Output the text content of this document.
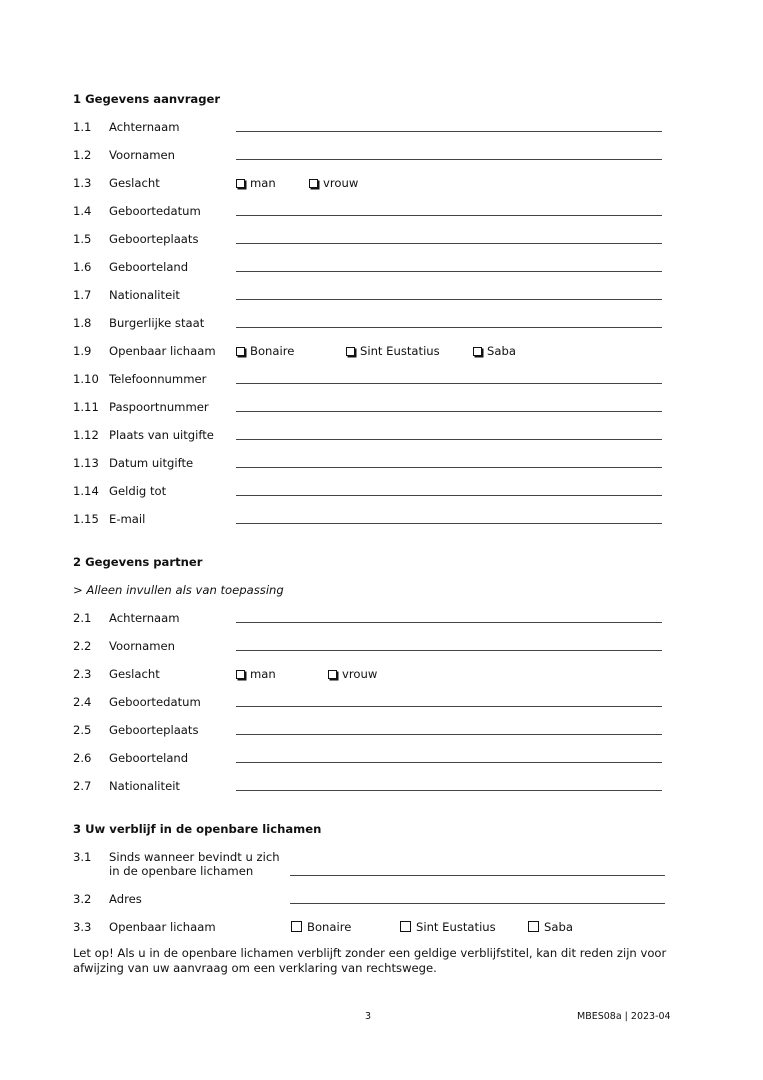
1 Gegevens aanvrager
1.1 Achternaam
1.2 Voornamen
1.3 Geslacht	man	vrouw
1.4 Geboortedatum
1.5 Geboorteplaats
1.6 Geboorteland
1.7 Nationaliteit
1.8 Burgerlijke staat
1.9 Openbaar lichaam	Bonaire	Sint Eustatius	Saba
1.10 Telefoonnummer
1.11 Paspoortnummer
1.12 Plaats van uitgifte
1.13 Datum uitgifte
1.14 Geldig tot
1.15 E-mail
2 Gegevens partner
> Alleen invullen als van toepassing
2.1 Achternaam
2.2 Voornamen
2.3 Geslacht	man	vrouw
2.4 Geboortedatum
2.5 Geboorteplaats
2.6 Geboorteland
2.7 Nationaliteit
3 Uw verblijf in de openbare lichamen
3.1 Sinds wanneer bevindt u zich
in de openbare lichamen
3.2 Adres
3.3 Openbaar lichaam	Bonaire	Sint Eustatius	Saba
Let op! Als u in de openbare lichamen verblijft zonder een geldige verblijfstitel, kan dit reden zijn voor afwijzing van uw aanvraag om een verklaring van rechtswege.
3	MBES08a | 2023-04
